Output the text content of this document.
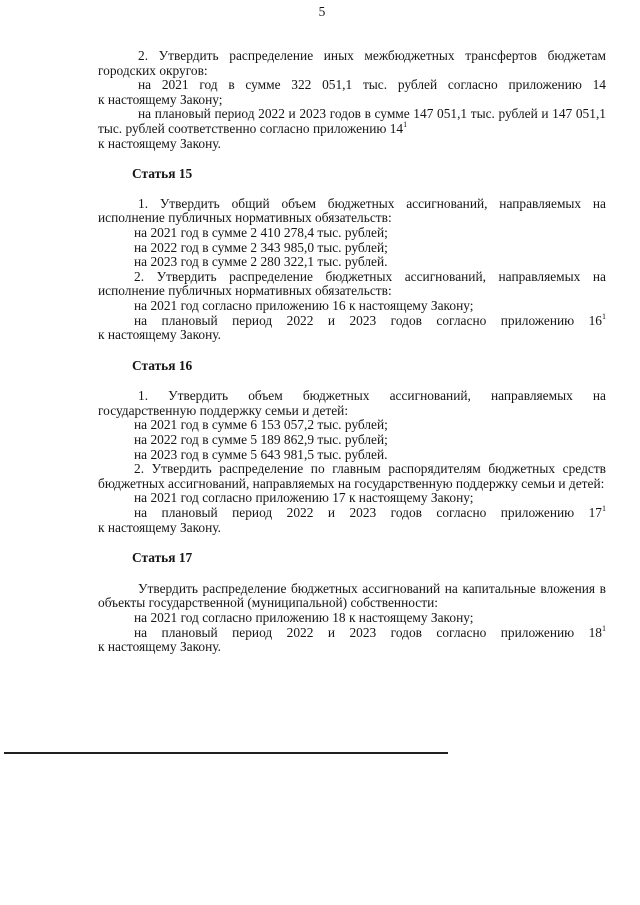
5

2. Утвердить распределение иных межбюджетных трансфертов бюджетам городских округов:

на 2021 год в сумме 322 051,1 тыс. рублей согласно приложению 14

к настоящему Закону;

на плановый период 2022 и 2023 годов в сумме 147 051,1 тыс. рублей и 147 051,1 тыс. рублей соответственно согласно приложению $14^1$

к настоящему Закону.

Статья 15

1. Утвердить общий объем бюджетных ассигнований, направляемых на исполнение публичных нормативных обязательств:

на 2021 год в сумме 2 410 278,4 тыс. рублей;

на 2022 год в сумме 2 343 985,0 тыс. рублей;

на 2023 год в сумме 2 280 322,1 тыс. рублей.

2. Утвердить распределение бюджетных ассигнований, направляемых на исполнение публичных нормативных обязательств:

на 2021 год согласно приложению 16 к настоящему Закону;

на плановый период 2022 и 2023 годов согласно приложению $16^1$

к настоящему Закону.

Статья 16

1. Утвердить объем бюджетных ассигнований, направляемых на государственную поддержку семьи и детей:

на 2021 год в сумме 6 153 057,2 тыс. рублей;

на 2022 год в сумме 5 189 862,9 тыс. рублей;

на 2023 год в сумме 5 643 981,5 тыс. рублей.

2. Утвердить распределение по главным распорядителям бюджетных средств бюджетных ассигнований, направляемых на государственную поддержку семьи и детей:

на 2021 год согласно приложению 17 к настоящему Закону;

на плановый период 2022 и 2023 годов согласно приложению $17^1$

к настоящему Закону.

Статья 17

Утвердить распределение бюджетных ассигнований на капитальные вложения в объекты государственной (муниципальной) собственности:

на 2021 год согласно приложению 18 к настоящему Закону;

на плановый период 2022 и 2023 годов согласно приложению $18^1$

к настоящему Закону.
